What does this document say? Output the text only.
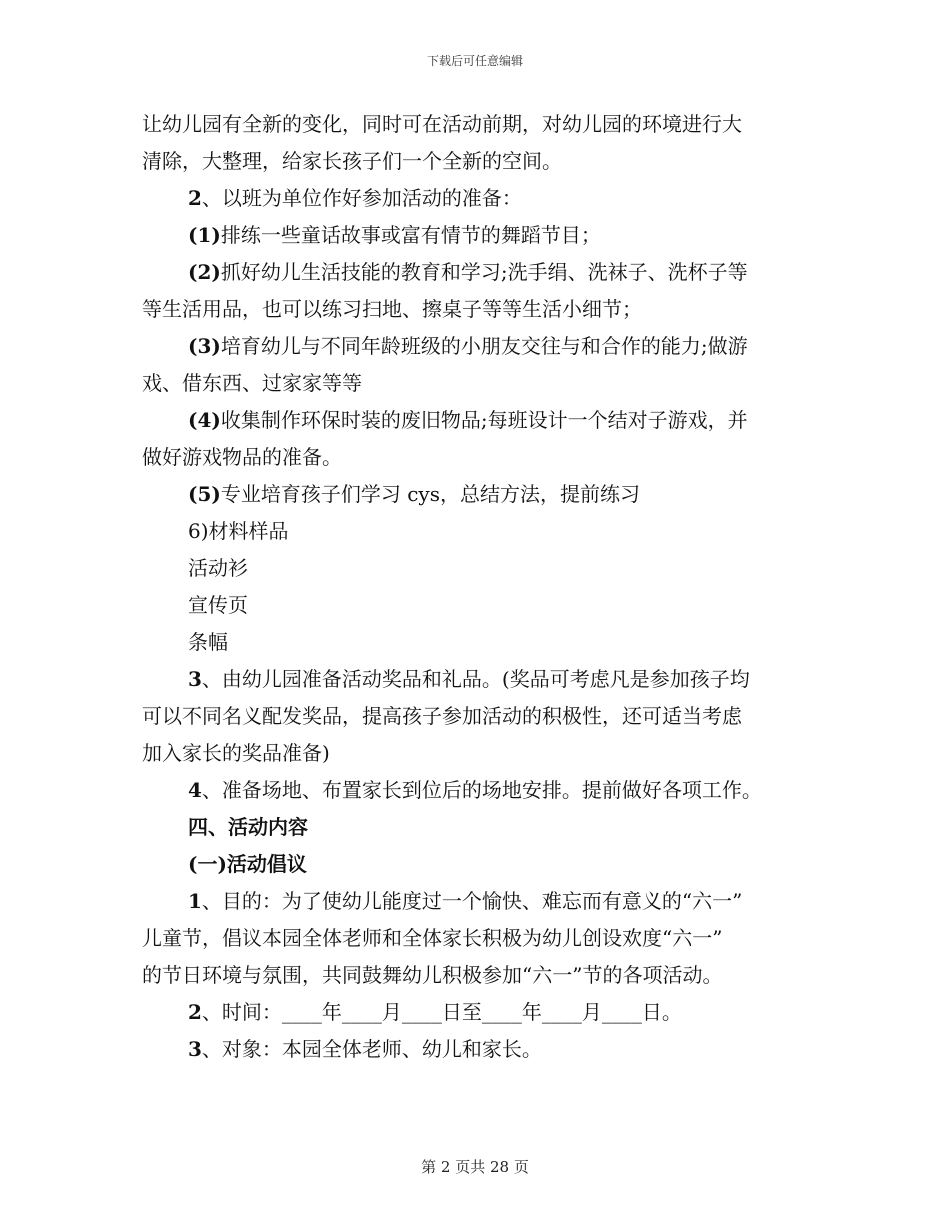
下载后可任意编辑
让幼儿园有全新的变化，同时可在活动前期，对幼儿园的环境进行大
清除，大整理，给家长孩子们一个全新的空间。
2、以班为单位作好参加活动的准备：
(1)排练一些童话故事或富有情节的舞蹈节目；
(2)抓好幼儿生活技能的教育和学习;洗手绢、洗袜子、洗杯子等
等生活用品，也可以练习扫地、擦桌子等等生活小细节；
(3)培育幼儿与不同年龄班级的小朋友交往与和合作的能力;做游
戏、借东西、过家家等等
(4)收集制作环保时装的废旧物品;每班设计一个结对子游戏，并
做好游戏物品的准备。
(5)专业培育孩子们学习 cys，总结方法，提前练习
6)材料样品
活动衫
宣传页
条幅
3、由幼儿园准备活动奖品和礼品。(奖品可考虑凡是参加孩子均
可以不同名义配发奖品，提高孩子参加活动的积极性，还可适当考虑
加入家长的奖品准备)
4、准备场地、布置家长到位后的场地安排。提前做好各项工作。
四、活动内容
(一)活动倡议
1、目的：为了使幼儿能度过一个愉快、难忘而有意义的“六一”
儿童节，倡议本园全体老师和全体家长积极为幼儿创设欢度“六一”
的节日环境与氛围，共同鼓舞幼儿积极参加“六一”节的各项活动。
2、时间：____年____月____日至____年____月____日。
3、对象：本园全体老师、幼儿和家长。
第 2 页共 28 页
